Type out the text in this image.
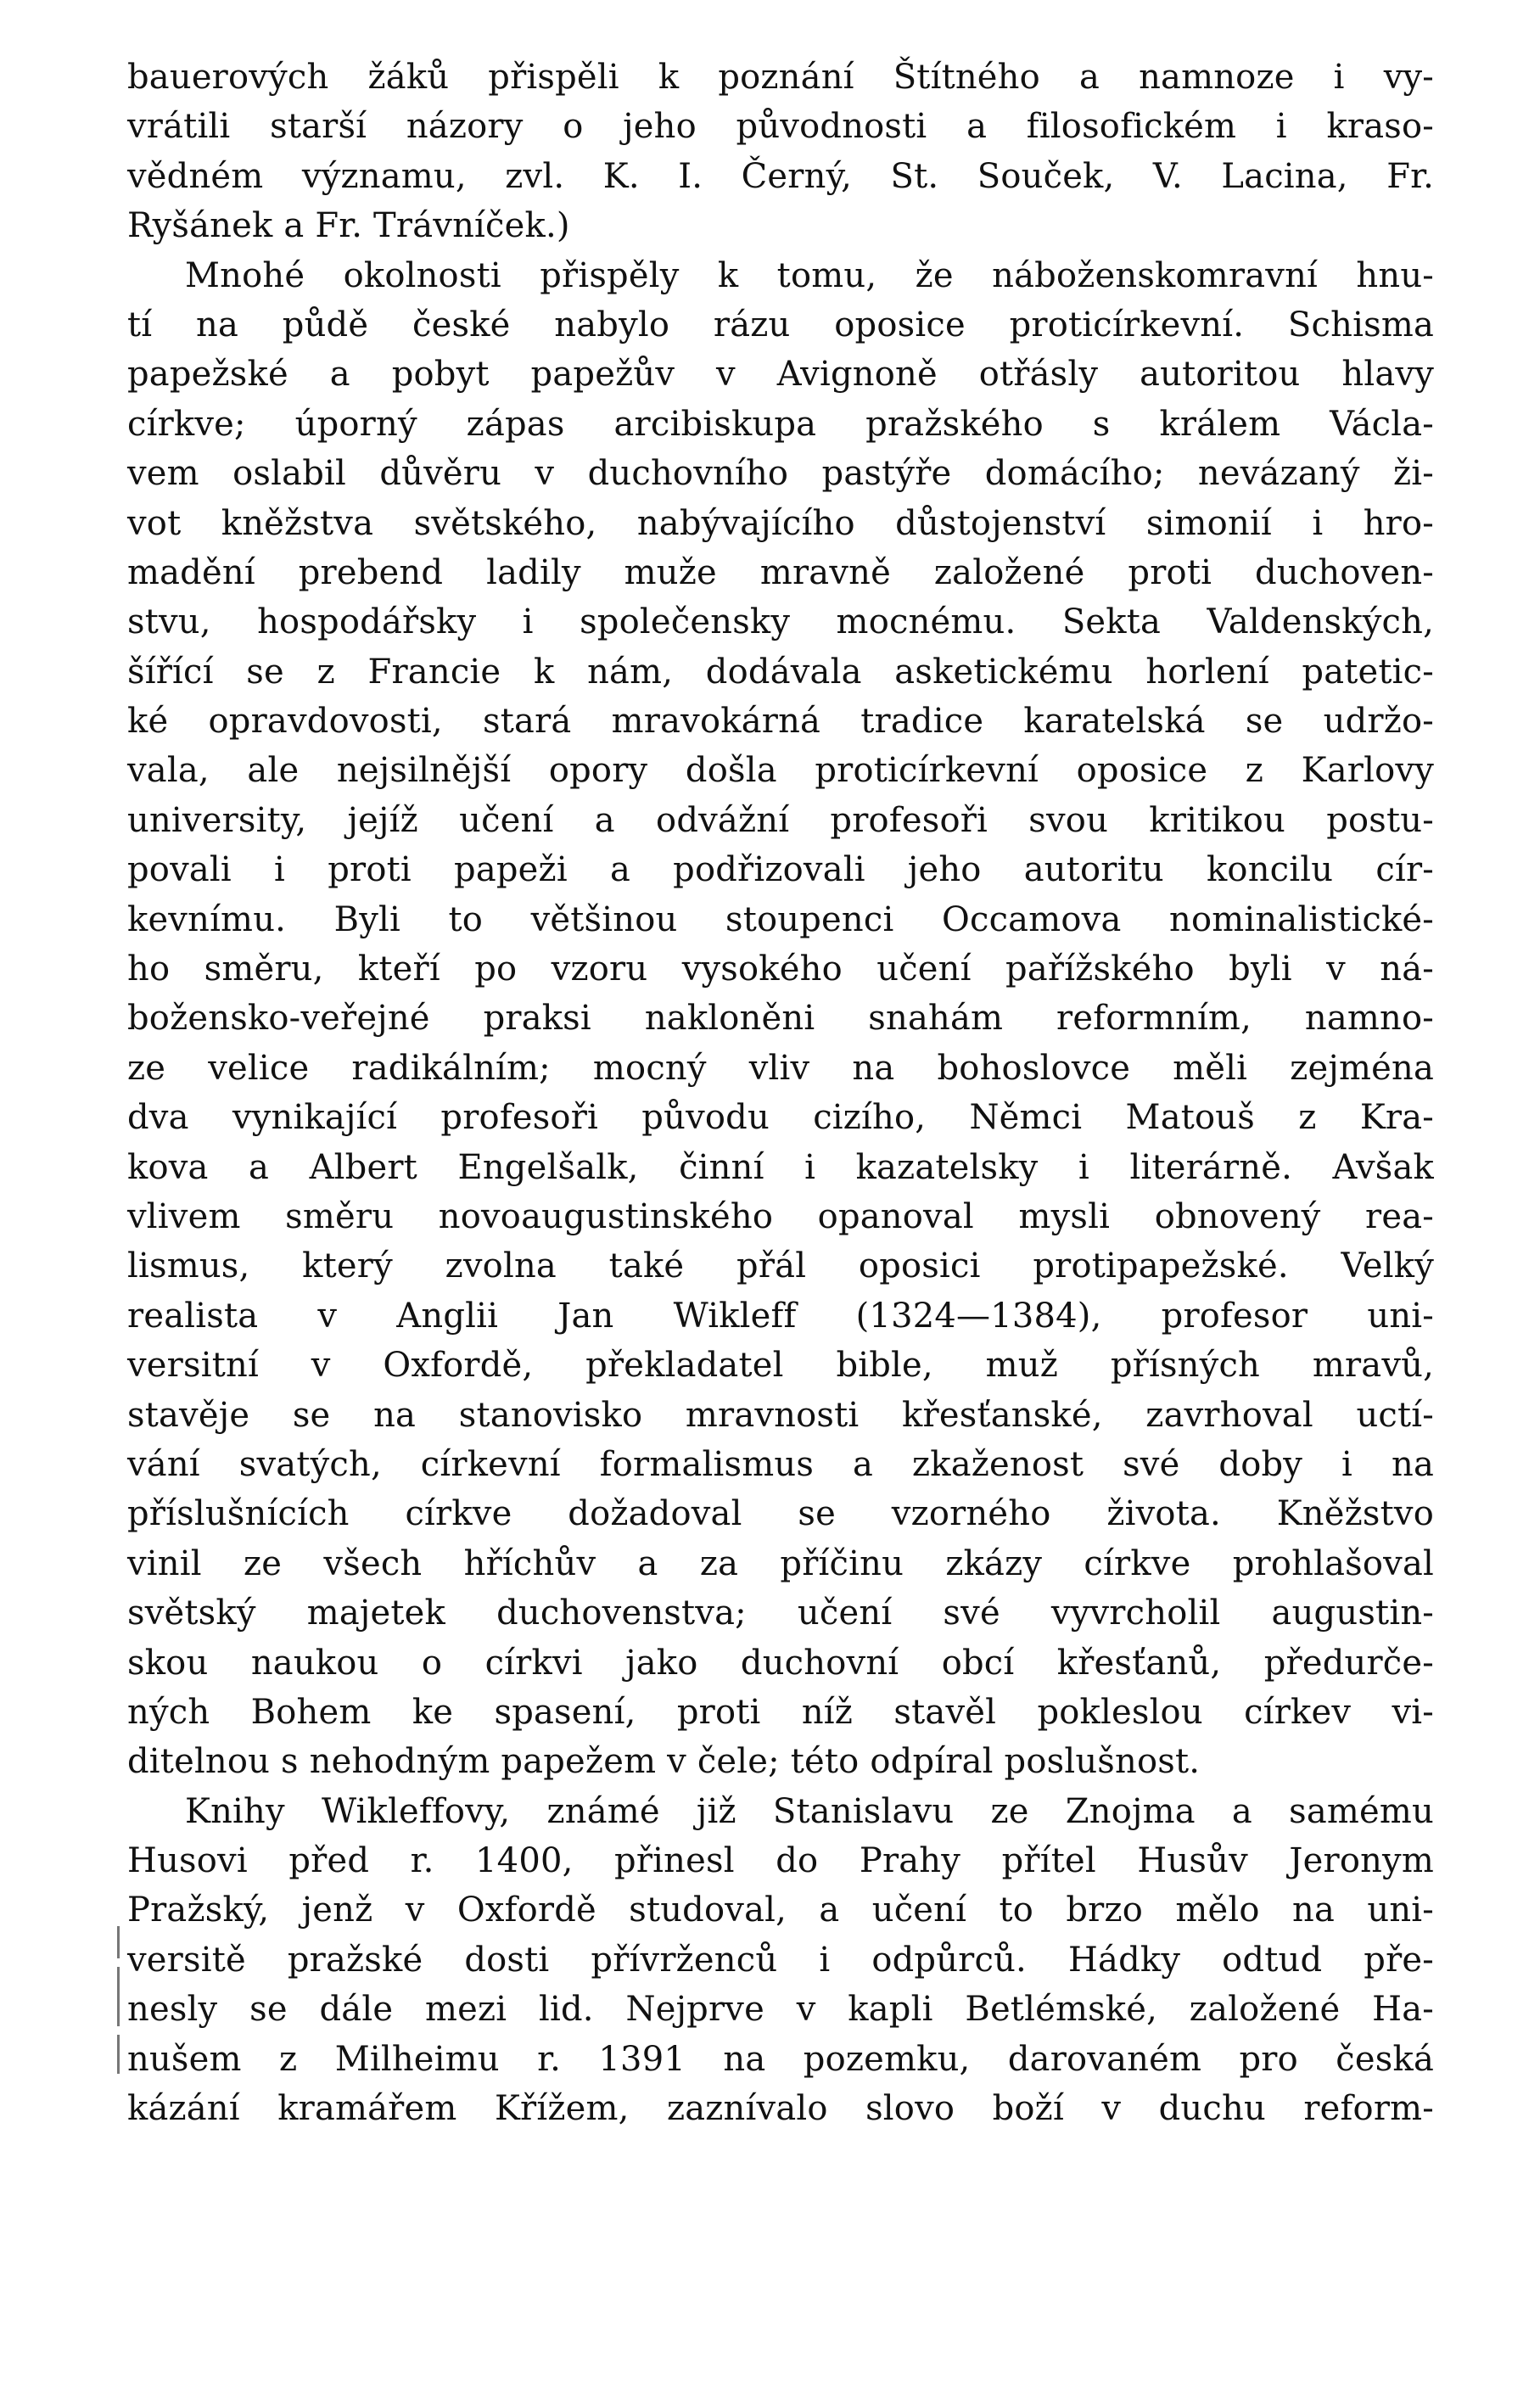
bauerových žáků přispěli k poznání Štítného a namnoze i vy-
vrátili starší názory o jeho původnosti a filosofickém i kraso-
vědném významu, zvl. K. I. Černý, St. Souček, V. Lacina, Fr.
Ryšánek a Fr. Trávníček.)
Mnohé okolnosti přispěly k tomu, že náboženskomravní hnu-
tí na půdě české nabylo rázu oposice proticírkevní. Schisma
papežské a pobyt papežův v Avignoně otřásly autoritou hlavy
církve; úporný zápas arcibiskupa pražského s králem Václa-
vem oslabil důvěru v duchovního pastýře domácího; nevázaný ži-
vot kněžstva světského, nabývajícího důstojenství simonií i hro-
madění prebend ladily muže mravně založené proti duchoven-
stvu, hospodářsky i společensky mocnému. Sekta Valdenských,
šířící se z Francie k nám, dodávala asketickému horlení patetic-
ké opravdovosti, stará mravokárná tradice karatelská se udržo-
vala, ale nejsilnější opory došla proticírkevní oposice z Karlovy
university, jejíž učení a odvážní profesoři svou kritikou postu-
povali i proti papeži a podřizovali jeho autoritu koncilu cír-
kevnímu. Byli to většinou stoupenci Occamova nominalistické-
ho směru, kteří po vzoru vysokého učení pařížského byli v ná-
božensko-veřejné praksi nakloněni snahám reformním, namno-
ze velice radikálním; mocný vliv na bohoslovce měli zejména
dva vynikající profesoři původu cizího, Němci Matouš z Kra-
kova a Albert Engelšalk, činní i kazatelsky i literárně. Avšak
vlivem směru novoaugustinského opanoval mysli obnovený rea-
lismus, který zvolna také přál oposici protipapežské. Velký
realista v Anglii Jan Wikleff (1324—1384), profesor uni-
versitní v Oxfordě, překladatel bible, muž přísných mravů,
stavěje se na stanovisko mravnosti křesťanské, zavrhoval uctí-
vání svatých, církevní formalismus a zkaženost své doby i na
příslušnících církve dožadoval se vzorného života. Kněžstvo
vinil ze všech hříchův a za příčinu zkázy církve prohlašoval
světský majetek duchovenstva; učení své vyvrcholil augustin-
skou naukou o církvi jako duchovní obcí křesťanů, předurče-
ných Bohem ke spasení, proti níž stavěl pokleslou církev vi-
ditelnou s nehodným papežem v čele; této odpíral poslušnost.
Knihy Wikleffovy, známé již Stanislavu ze Znojma a samému
Husovi před r. 1400, přinesl do Prahy přítel Husův Jeronym
Pražský, jenž v Oxfordě studoval, a učení to brzo mělo na uni-
versitě pražské dosti přívrženců i odpůrců. Hádky odtud pře-
nesly se dále mezi lid. Nejprve v kapli Betlémské, založené Ha-
nušem z Milheimu r. 1391 na pozemku, darovaném pro česká
kázání kramářem Křížem, zaznívalo slovo boží v duchu reform-
